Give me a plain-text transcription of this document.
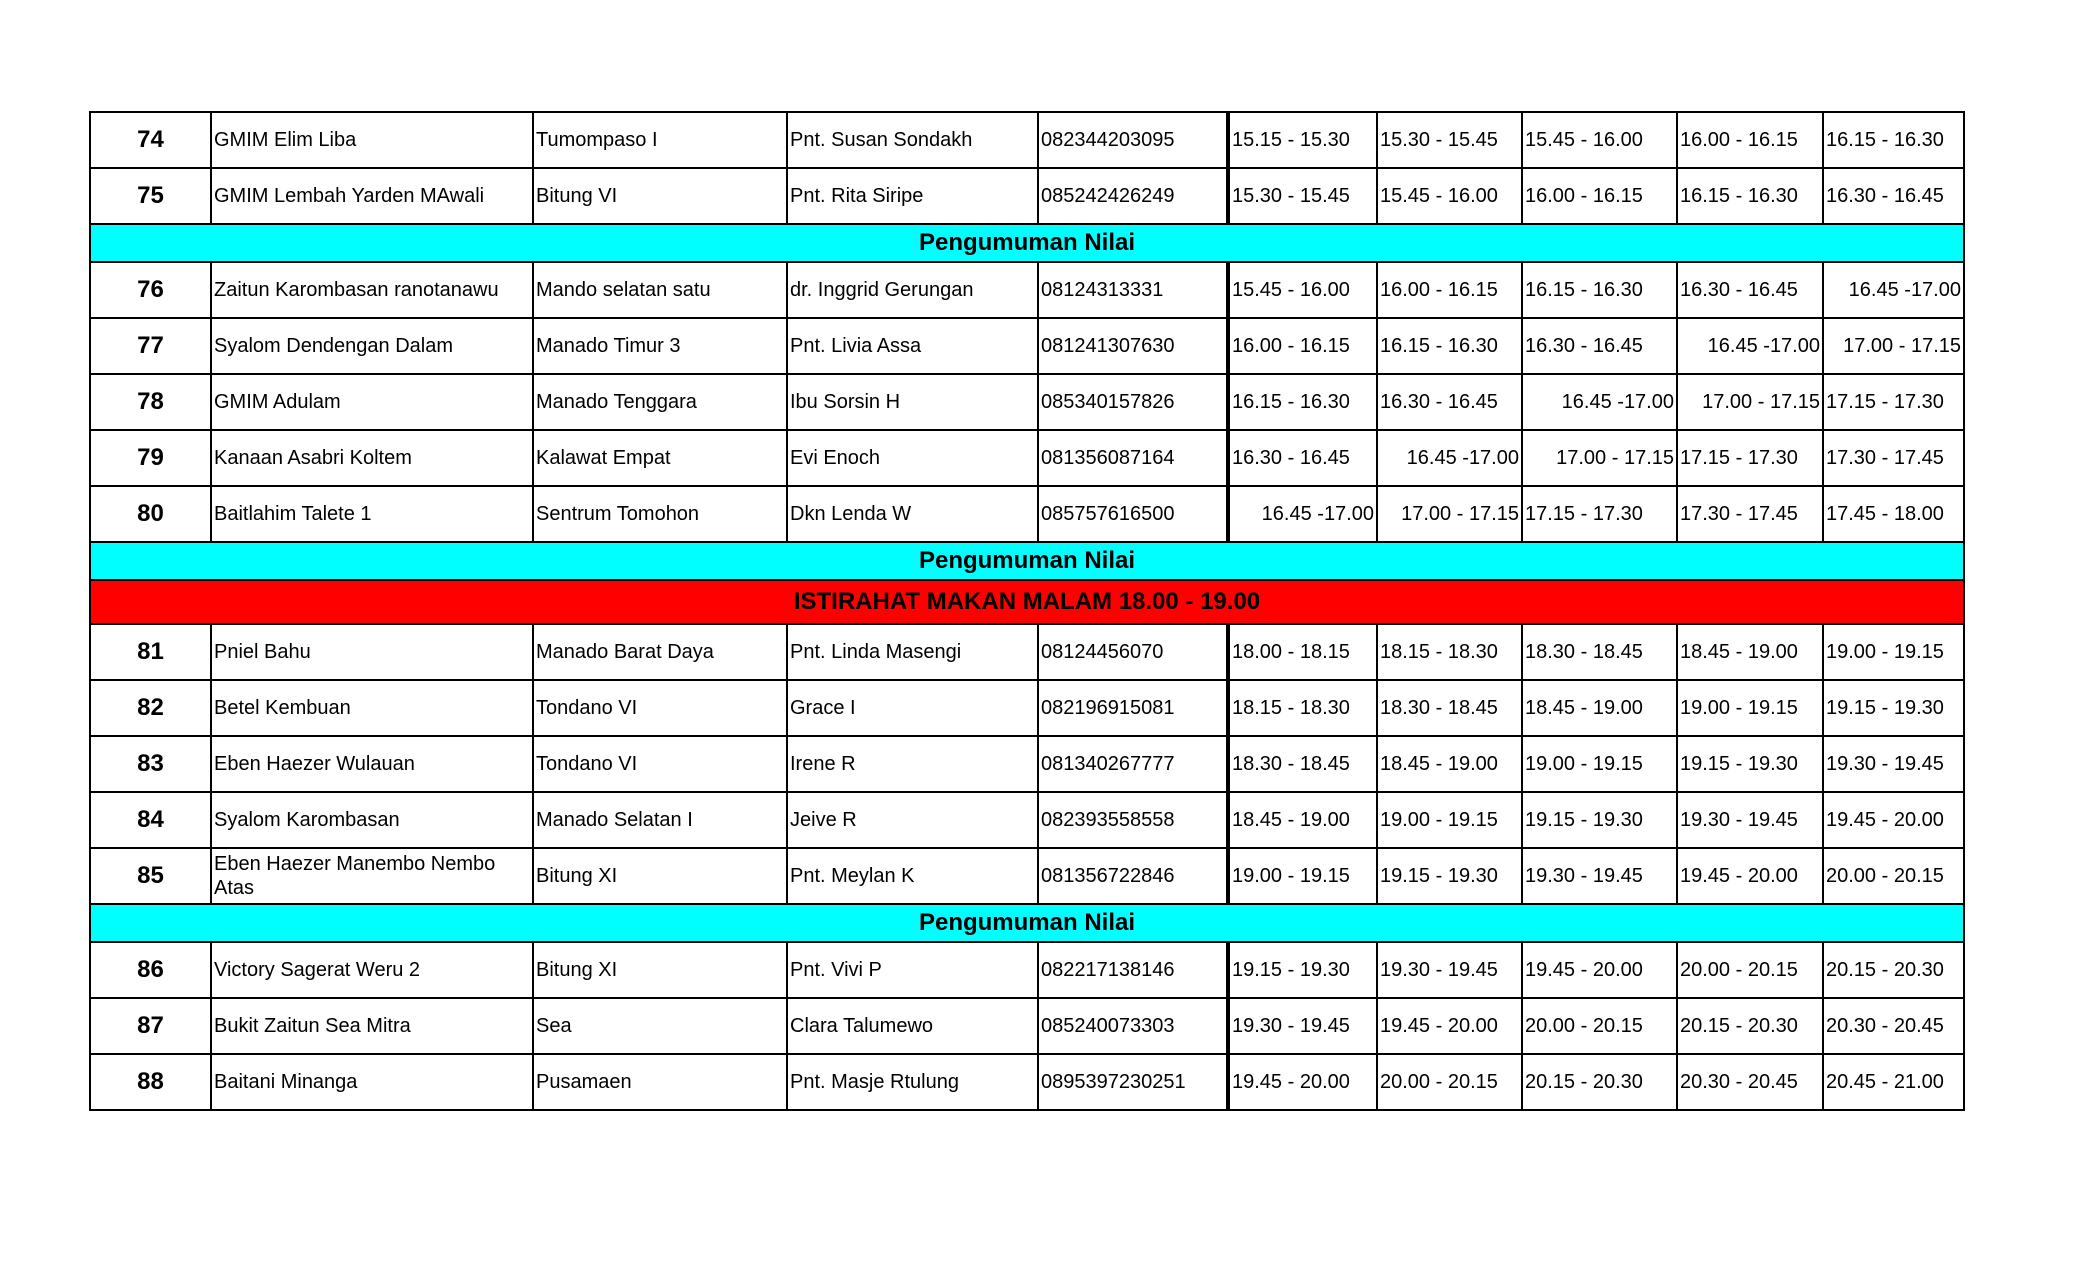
74	GMIM Elim Liba	Tumompaso I	Pnt. Susan Sondakh	082344203095	15.15 - 15.30	15.30 - 15.45	15.45 - 16.00	16.00 - 16.15	16.15 - 16.30
75	GMIM Lembah Yarden MAwali	Bitung VI	Pnt. Rita Siripe	085242426249	15.30 - 15.45	15.45 - 16.00	16.00 - 16.15	16.15 - 16.30	16.30 - 16.45
Pengumuman Nilai									
76	Zaitun Karombasan ranotanawu	Mando selatan satu	dr. Inggrid Gerungan	08124313331	15.45 - 16.00	16.00 - 16.15	16.15 - 16.30	16.30 - 16.45	16.45 -17.00
77	Syalom Dendengan Dalam	Manado Timur 3	Pnt. Livia Assa	081241307630	16.00 - 16.15	16.15 - 16.30	16.30 - 16.45	16.45 -17.00	17.00 - 17.15
78	GMIM Adulam	Manado Tenggara	Ibu Sorsin H	085340157826	16.15 - 16.30	16.30 - 16.45	16.45 -17.00	17.00 - 17.15	17.15 - 17.30
79	Kanaan Asabri Koltem	Kalawat Empat	Evi Enoch	081356087164	16.30 - 16.45	16.45 -17.00	17.00 - 17.15	17.15 - 17.30	17.30 - 17.45
80	Baitlahim Talete 1	Sentrum Tomohon	Dkn Lenda W	085757616500	16.45 -17.00	17.00 - 17.15	17.15 - 17.30	17.30 - 17.45	17.45 - 18.00
Pengumuman Nilai									
ISTIRAHAT MAKAN MALAM 18.00 - 19.00									
81	Pniel Bahu	Manado Barat Daya	Pnt. Linda Masengi	08124456070	18.00 - 18.15	18.15 - 18.30	18.30 - 18.45	18.45 - 19.00	19.00 - 19.15
82	Betel Kembuan	Tondano VI	Grace I	082196915081	18.15 - 18.30	18.30 - 18.45	18.45 - 19.00	19.00 - 19.15	19.15 - 19.30
83	Eben Haezer Wulauan	Tondano VI	Irene R	081340267777	18.30 - 18.45	18.45 - 19.00	19.00 - 19.15	19.15 - 19.30	19.30 - 19.45
84	Syalom Karombasan	Manado Selatan I	Jeive R	082393558558	18.45 - 19.00	19.00 - 19.15	19.15 - 19.30	19.30 - 19.45	19.45 - 20.00
85	Eben Haezer Manembo Nembo Atas	Bitung XI	Pnt. Meylan K	081356722846	19.00 - 19.15	19.15 - 19.30	19.30 - 19.45	19.45 - 20.00	20.00 - 20.15
Pengumuman Nilai									
86	Victory Sagerat Weru 2	Bitung XI	Pnt. Vivi P	082217138146	19.15 - 19.30	19.30 - 19.45	19.45 - 20.00	20.00 - 20.15	20.15 - 20.30
87	Bukit Zaitun Sea Mitra	Sea	Clara Talumewo	085240073303	19.30 - 19.45	19.45 - 20.00	20.00 - 20.15	20.15 - 20.30	20.30 - 20.45
88	Baitani Minanga	Pusamaen	Pnt. Masje Rtulung	0895397230251	19.45 - 20.00	20.00 - 20.15	20.15 - 20.30	20.30 - 20.45	20.45 - 21.00
